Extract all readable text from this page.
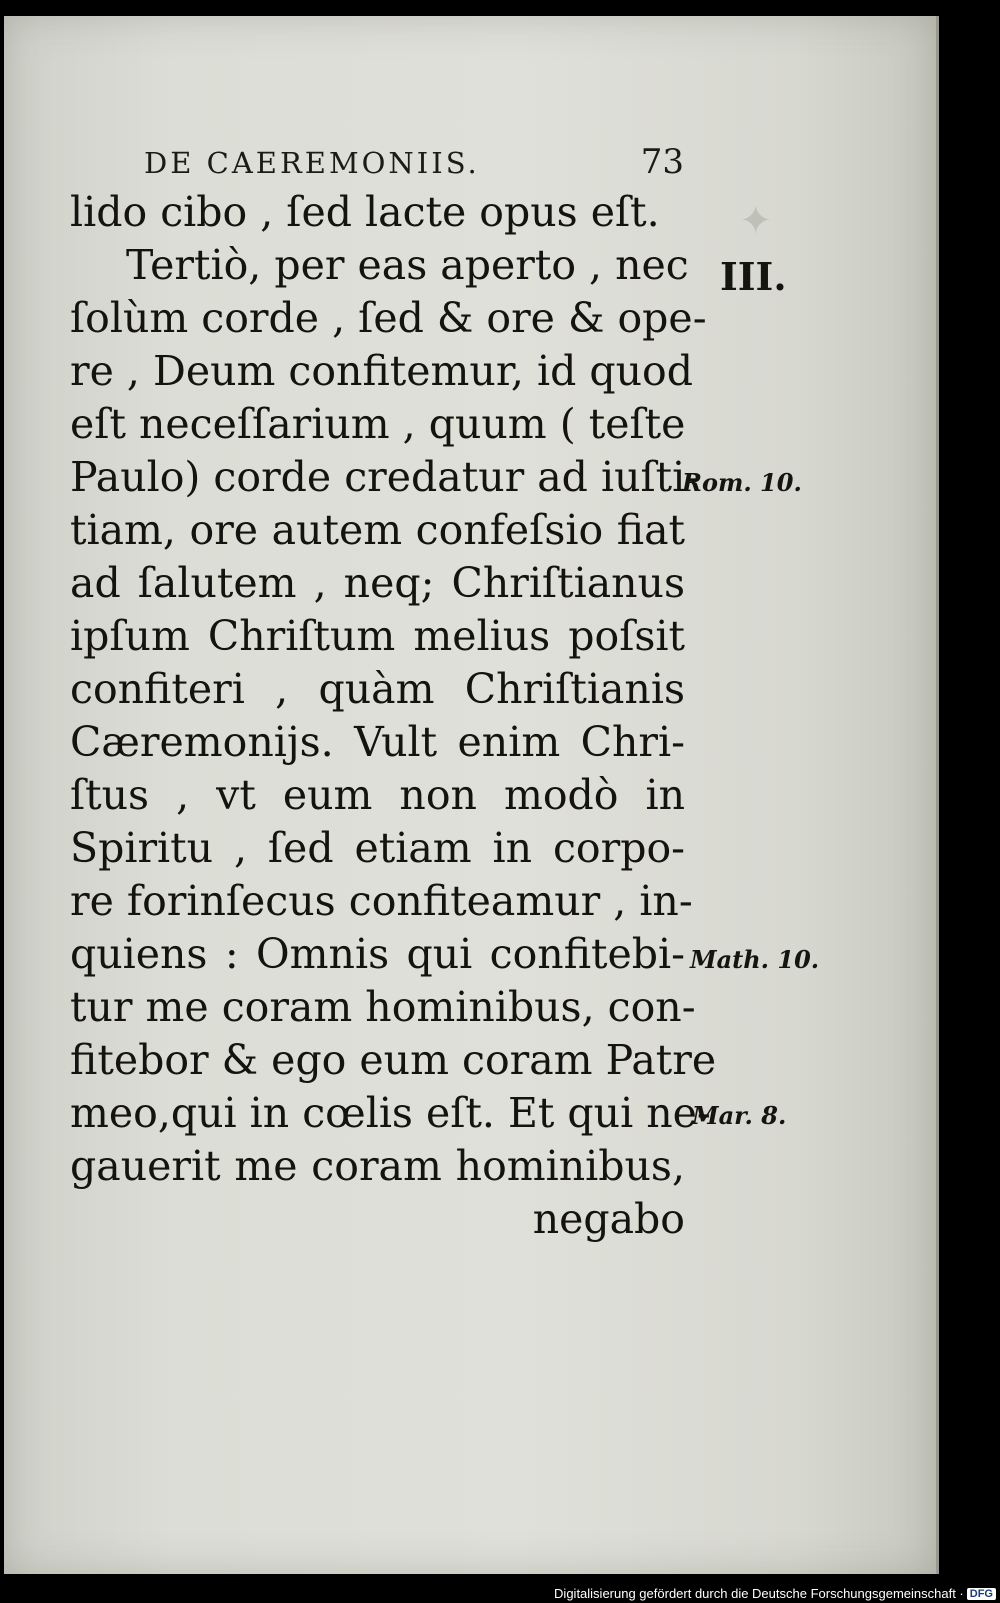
✦
DE CAEREMONIIS.	73
lido cibo , ſed lacte opus eſt.
Tertiò, per eas aperto , nec
ſolùm corde , ſed & ore & ope-
re , Deum confitemur, id quod
eſt neceſſarium , quum ( teſte
Paulo) corde credatur ad iuſti-
tiam, ore autem confeſsio fiat
ad ſalutem , neq; Chriſtianus
ipſum Chriſtum melius poſsit
confiteri , quàm Chriſtianis
Cæremonijs. Vult enim Chri-
ſtus , vt eum non modò in
Spiritu , ſed etiam in corpo-
re forinſecus confiteamur , in-
quiens : Omnis qui confitebi-
tur me coram hominibus, con-
fitebor & ego eum coram Patre
meo,qui in cœlis eſt. Et qui ne-
gauerit me coram hominibus,
negabo
III.
Rom. 10.
Math. 10.
Mar. 8.
Digitalisierung gefördert durch die Deutsche Forschungsgemeinschaft · DFG
